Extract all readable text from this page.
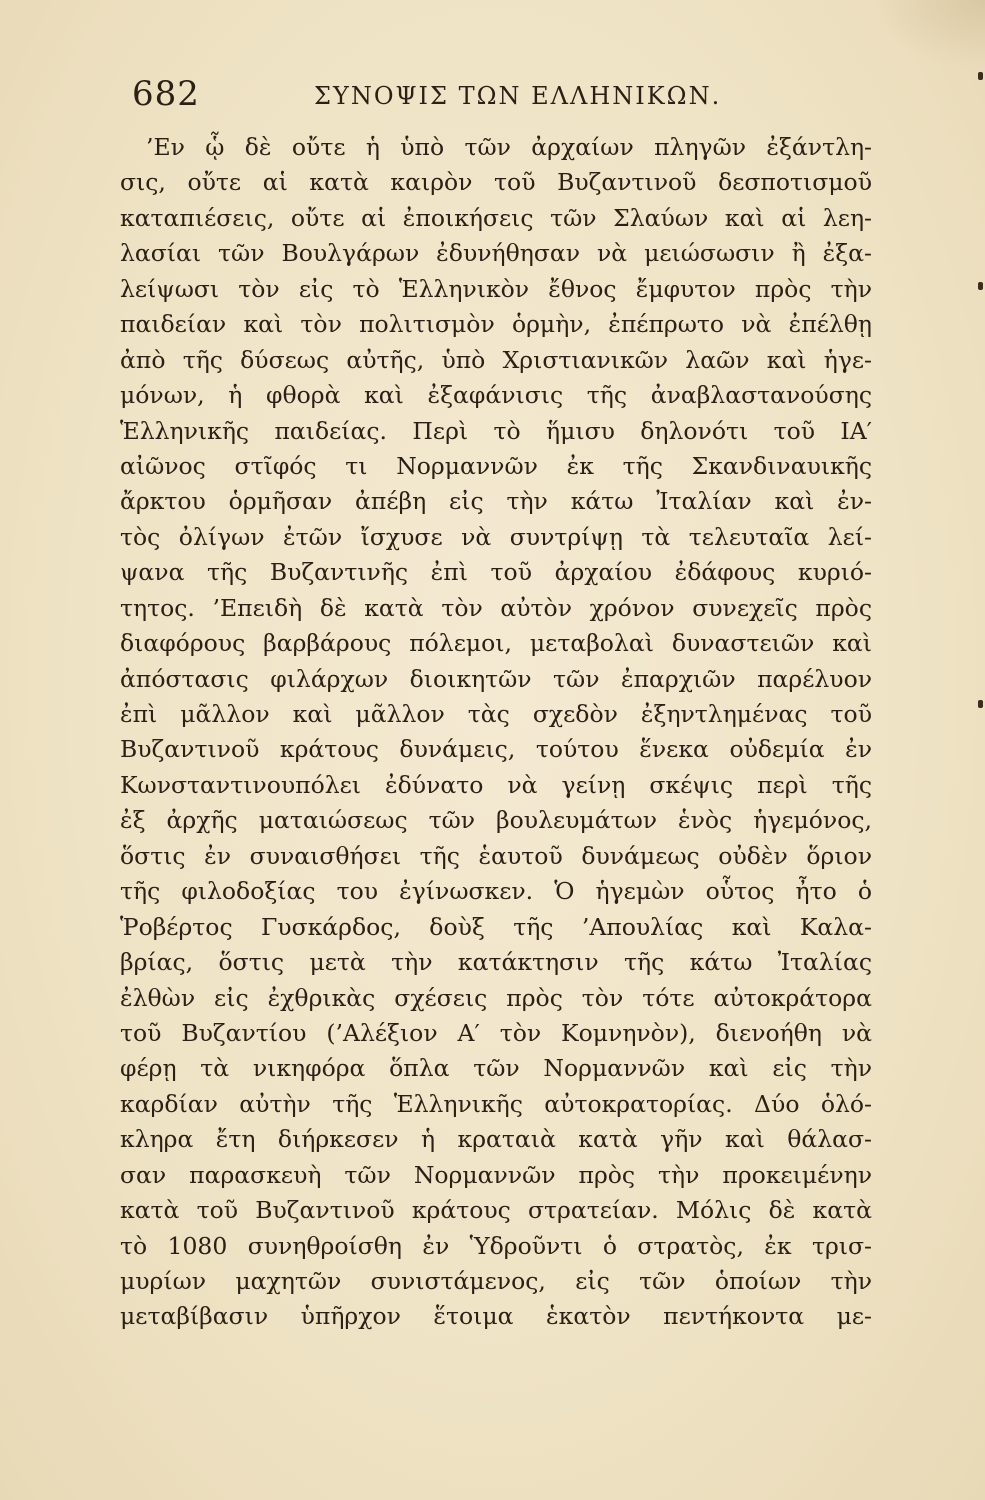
682	ΣΥΝΟΨΙΣ ΤΩΝ ΕΛΛΗΝΙΚΩΝ.
’Εν ᾧ δὲ οὔτε ἡ ὑπὸ τῶν ἀρχαίων πληγῶν ἐξάντλη-
σις, οὔτε αἱ κατὰ καιρὸν τοῦ Βυζαντινοῦ δεσποτισμοῦ
καταπιέσεις, οὔτε αἱ ἐποικήσεις τῶν Σλαύων καὶ αἱ λεη-
λασίαι τῶν Βουλγάρων ἐδυνήθησαν νὰ μειώσωσιν ἢ ἐξα-
λείψωσι τὸν εἰς τὸ Ἑλληνικὸν ἔθνος ἔμφυτον πρὸς τὴν
παιδείαν καὶ τὸν πολιτισμὸν ὁρμὴν, ἐπέπρωτο νὰ ἐπέλθῃ
ἀπὸ τῆς δύσεως αὐτῆς, ὑπὸ Χριστιανικῶν λαῶν καὶ ἡγε-
μόνων, ἡ φθορὰ καὶ ἐξαφάνισις τῆς ἀναβλαστανούσης
Ἑλληνικῆς παιδείας. Περὶ τὸ ἥμισυ δηλονότι τοῦ ΙΑ′
αἰῶνος στῖφός τι Νορμαννῶν ἐκ τῆς Σκανδιναυικῆς
ἄρκτου ὁρμῆσαν ἀπέβη εἰς τὴν κάτω Ἰταλίαν καὶ ἐν-
τὸς ὀλίγων ἐτῶν ἴσχυσε νὰ συντρίψῃ τὰ τελευταῖα λεί-
ψανα τῆς Βυζαντινῆς ἐπὶ τοῦ ἀρχαίου ἐδάφους κυριό-
τητος. ’Επειδὴ δὲ κατὰ τὸν αὐτὸν χρόνον συνεχεῖς πρὸς
διαφόρους βαρβάρους πόλεμοι, μεταβολαὶ δυναστειῶν καὶ
ἀπόστασις φιλάρχων διοικητῶν τῶν ἐπαρχιῶν παρέλυον
ἐπὶ μᾶλλον καὶ μᾶλλον τὰς σχεδὸν ἐξηντλημένας τοῦ
Βυζαντινοῦ κράτους δυνάμεις, τούτου ἕνεκα οὐδεμία ἐν
Κωνσταντινουπόλει ἐδύνατο νὰ γείνῃ σκέψις περὶ τῆς
ἐξ ἀρχῆς ματαιώσεως τῶν βουλευμάτων ἑνὸς ἡγεμόνος,
ὅστις ἐν συναισθήσει τῆς ἑαυτοῦ δυνάμεως οὐδὲν ὅριον
τῆς φιλοδοξίας του ἐγίνωσκεν. Ὁ ἡγεμὼν οὗτος ἦτο ὁ
Ῥοβέρτος Γυσκάρδος, δοὺξ τῆς ’Απουλίας καὶ Καλα-
βρίας, ὅστις μετὰ τὴν κατάκτησιν τῆς κάτω Ἰταλίας
ἐλθὼν εἰς ἐχθρικὰς σχέσεις πρὸς τὸν τότε αὐτοκράτορα
τοῦ Βυζαντίου (’Αλέξιον Α′ τὸν Κομνηνὸν), διενοήθη νὰ
φέρῃ τὰ νικηφόρα ὅπλα τῶν Νορμαννῶν καὶ εἰς τὴν
καρδίαν αὐτὴν τῆς Ἑλληνικῆς αὐτοκρατορίας. Δύο ὁλό-
κληρα ἔτη διήρκεσεν ἡ κραταιὰ κατὰ γῆν καὶ θάλασ-
σαν παρασκευὴ τῶν Νορμαννῶν πρὸς τὴν προκειμένην
κατὰ τοῦ Βυζαντινοῦ κράτους στρατείαν. Μόλις δὲ κατὰ
τὸ 1080 συνηθροίσθη ἐν Ὑδροῦντι ὁ στρατὸς, ἐκ τρισ-
μυρίων μαχητῶν συνιστάμενος, εἰς τῶν ὁποίων τὴν
μεταβίβασιν ὑπῆρχον ἕτοιμα ἑκατὸν πεντήκοντα με-
